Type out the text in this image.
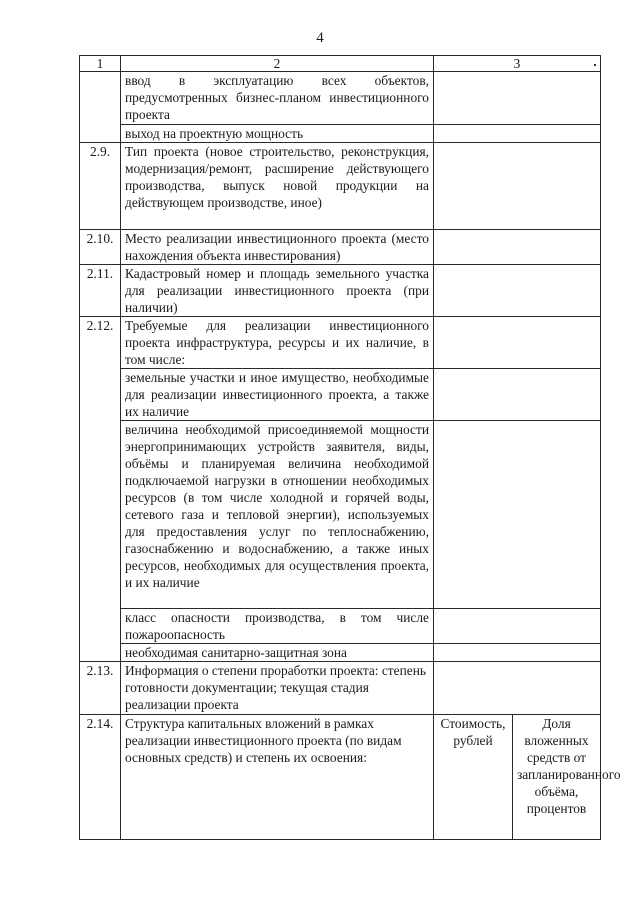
4
1	2	3	
	ввод в эксплуатацию всех объектов, предусмотренных бизнес-планом инвестиционного проекта		
	выход на проектную мощность		
2.9.	Тип проекта (новое строительство, реконструкция, модернизация/ремонт, расширение действующего производства, выпуск новой продукции на действующем производстве, иное)		
2.10.	Место реализации инвестиционного проекта (место нахождения объекта инвестирования)		
2.11.	Кадастровый номер и площадь земельного участка для реализации инвестиционного проекта (при наличии)		
2.12.	Требуемые для реализации инвестиционного проекта инфраструктура, ресурсы и их наличие, в том числе:		
	земельные участки и иное имущество, необходимые для реализации инвестиционного проекта, а также их наличие		
	величина необходимой присоединяемой мощности энергопринимающих устройств заявителя, виды, объёмы и планируемая величина необходимой подключаемой нагрузки в отношении необходимых ресурсов (в том числе холодной и горячей воды, сетевого газа и тепловой энергии), используемых для предоставления услуг по теплоснабжению, газоснабжению и водоснабжению, а также иных ресурсов, необходимых для осуществления проекта, и их наличие		
	класс опасности производства, в том числе пожароопасность		
	необходимая санитарно-защитная зона		
2.13.	Информация о степени проработки проекта: степень готовности документации; текущая стадия реализации проекта		
2.14.	Структура капитальных вложений в рамках реализации инвестиционного проекта (по видам основных средств) и степень их освоения:	Стоимость, рублей	Доля вложенных средств от запланированного объёма, процентов
